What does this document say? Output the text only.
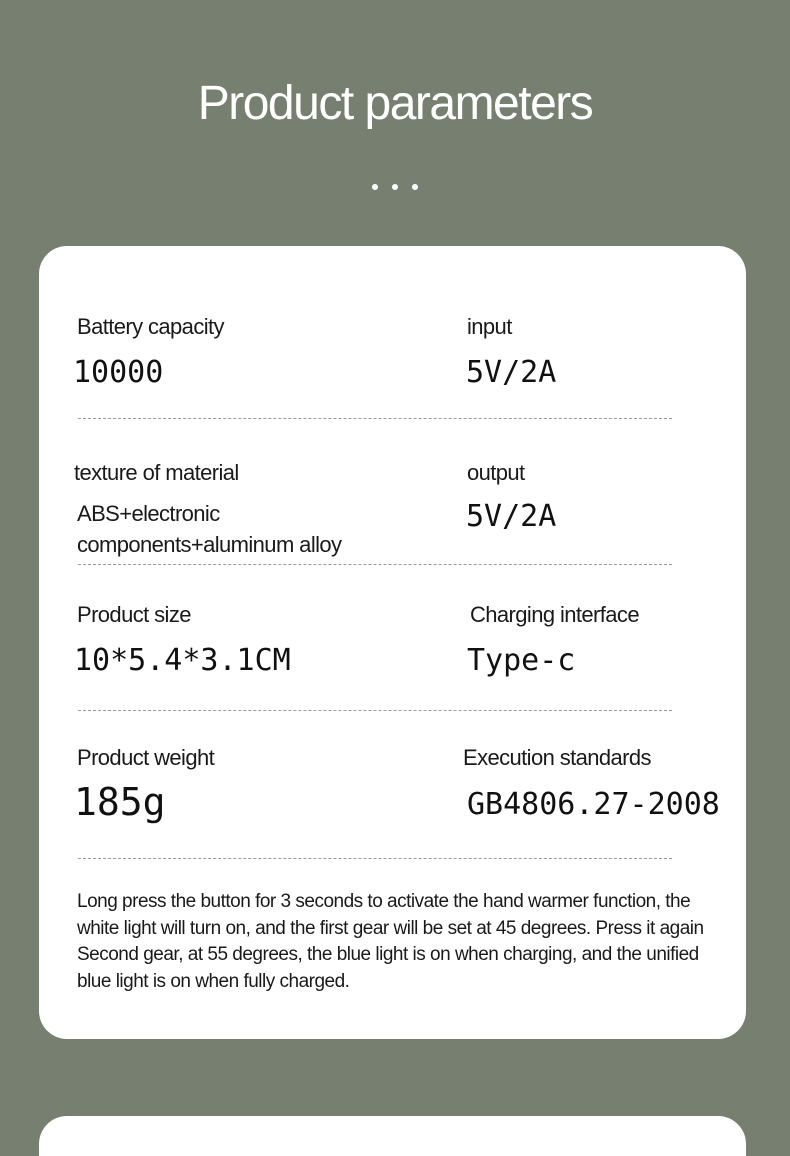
Product parameters
Battery capacity
10000
input
5V/2A
texture of material
ABS+electronic components+aluminum alloy
output
5V/2A
Product size
10*5.4*3.1CM
Charging interface
Type-c
Product weight
185g
Execution standards
GB4806.27-2008
Long press the button for 3 seconds to activate the hand warmer function, the white light will turn on, and the first gear will be set at 45 degrees. Press it again Second gear, at 55 degrees, the blue light is on when charging, and the unified blue light is on when fully charged.
